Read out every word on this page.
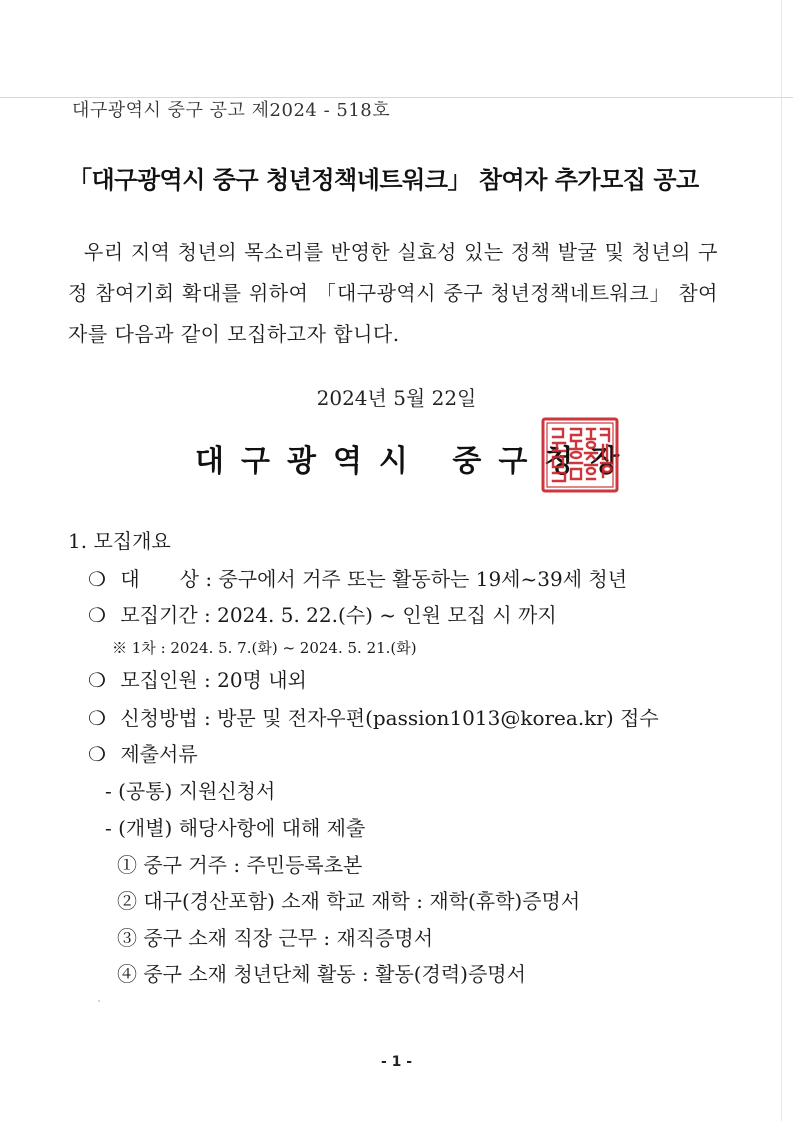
대구광역시 중구 공고 제2024 - 518호
「대구광역시 중구 청년정책네트워크」 참여자 추가모집 공고
우리 지역 청년의 목소리를 반영한 실효성 있는 정책 발굴 및 청년의 구정 참여기회 확대를 위하여 「대구광역시 중구 청년정책네트워크」 참여자를 다음과 같이 모집하고자 합니다.
2024년 5월 22일
대구광역시 중구청장
1. 모집개요
❍ 대　　상 : 중구에서 거주 또는 활동하는 19세~39세 청년
❍ 모집기간 : 2024. 5. 22.(수) ~ 인원 모집 시 까지
※ 1차 : 2024. 5. 7.(화) ~ 2024. 5. 21.(화)
❍ 모집인원 : 20명 내외
❍ 신청방법 : 방문 및 전자우편(passion1013@korea.kr) 접수
❍ 제출서류
- (공통) 지원신청서
- (개별) 해당사항에 대해 제출
① 중구 거주 : 주민등록초본
② 대구(경산포함) 소재 학교 재학 : 재학(휴학)증명서
③ 중구 소재 직장 근무 : 재직증명서
④ 중구 소재 청년단체 활동 : 활동(경력)증명서
- 1 -
